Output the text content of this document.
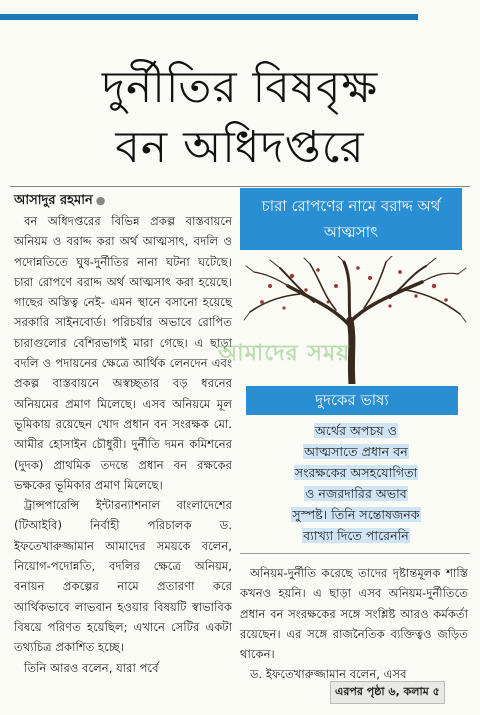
দুর্নীতির বিষবৃক্ষ
বন অধিদপ্তরে
আসাদুর রহমান ●

বন অধিদপ্তরের বিভিন্ন প্রকল্প বাস্তবায়নে অনিয়ম ও বরাদ্দ করা অর্থ আত্মসাৎ, বদলি ও পদোন্নতিতে ঘুষ-দুর্নীতির নানা ঘটনা ঘটেছে। চারা রোপণে বরাদ্দ অর্থ আত্মসাৎ করা হয়েছে। গাছের অস্তিত্ব নেই- এমন স্থানে বসানো হয়েছে সরকারি সাইনবোর্ড। পরিচর্যার অভাবে রোপিত চারাগুলোর বেশিরভাগই মারা গেছে। এ ছাড়া বদলি ও পদায়নের ক্ষেত্রে আর্থিক লেনদেন এবং প্রকল্প বাস্তবায়নে অস্বচ্ছতার বড় ধরনের অনিয়মের প্রমাণ মিলেছে। এসব অনিয়মে মূল ভূমিকায় রয়েছেন খোদ প্রধান বন সংরক্ষক মো. আমীর হোসাইন চৌধুরী। দুর্নীতি দমন কমিশনের (দুদক) প্রাথমিক তদন্তে প্রধান বন রক্ষকের ভক্ষকের ভূমিকার প্রমাণ মিলেছে।

ট্রান্সপারেন্সি ইন্টারন্যাশনাল বাংলাদেশের (টিআইবি) নির্বাহী পরিচালক ড. ইফতেখারুজ্জামান আমাদের সময়কে বলেন, নিয়োগ-পদোন্নতি, বদলির ক্ষেত্রে অনিয়ম, বনায়ন প্রকল্পের নামে প্রতারণা করে আর্থিকভাবে লাভবান হওয়ার বিষয়টি স্বাভাবিক বিষয়ে পরিণত হয়েছিল; এখানে সেটির একটা তথ্যচিত্র প্রকাশিত হচ্ছে।

তিনি আরও বলেন, যারা পর্বে

চারা রোপণের নামে বরাদ্দ অর্থ আত্মসাৎ
আমাদের সময়
দুদকের ভাষ্য
অর্থের অপচয় ও
আত্মসাতে প্রধান বন
সংরক্ষকের অসহযোগিতা
ও নজরদারির অভাব
সুস্পষ্ট। তিনি সন্তোষজনক
ব্যাখ্যা দিতে পারেননি

অনিয়ম-দুর্নীতি করেছে তাদের দৃষ্টান্তমূলক শাস্তি কখনও হয়নি। এ ছাড়া এসব অনিয়ম-দুর্নীতিতে প্রধান বন সংরক্ষকের সঙ্গে সংশ্লিষ্ট আরও কর্মকর্তা রয়েছেন। এর সঙ্গে রাজনৈতিক ব্যক্তিত্বও জড়িত থাকেন।

ড. ইফতেখারুজ্জামান বলেন, এসব

এরপর পৃষ্ঠা ৬, কলাম ৫
